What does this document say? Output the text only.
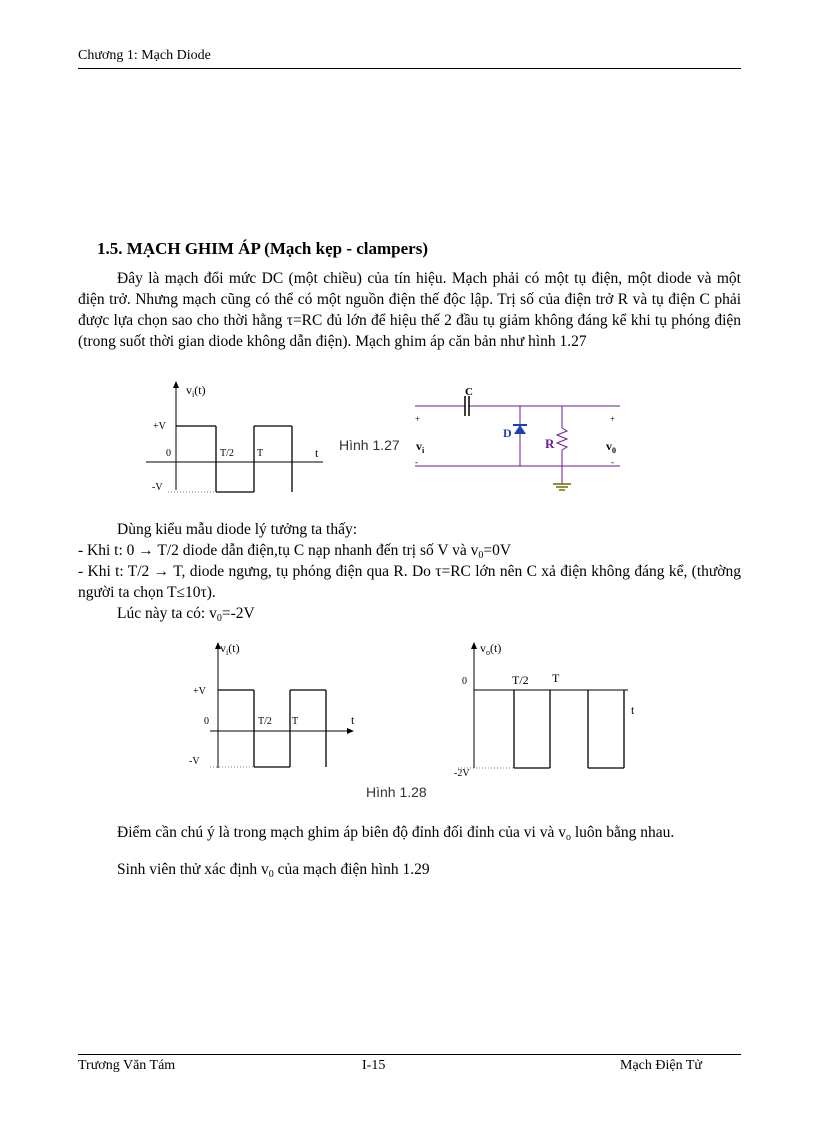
Chương 1: Mạch Diode
1.5. MẠCH GHIM ÁP (Mạch kẹp - clampers)
Đây là mạch đổi mức DC (một chiều) của tín hiệu. Mạch phải có một tụ điện, một diode và một điện trở. Nhưng mạch cũng có thể có một nguồn điện thế độc lập. Trị số của điện trở R và tụ điện C phải được lựa chọn sao cho thời hằng τ=RC đủ lớn để hiệu thế 2 đầu tụ giảm không đáng kể khi tụ phóng điện (trong suốt thời gian diode không dẫn điện). Mạch ghim áp căn bản như hình 1.27
$v_i(t)$
+V
0	T/2 T	t
-V
Hình 1.27
C
D
R
$v_i$	$v_0$
+
-
+
-
Dùng kiểu mẫu diode lý tưởng ta thấy:
- Khi t: 0 → T/2 diode dẫn điện,tụ C nạp nhanh đến trị số V và $v_0=0V$
- Khi t: T/2 → T, diode ngưng, tụ phóng điện qua R. Do τ=RC lớn nên C xả điện không đáng kể, (thường người ta chọn T≤10τ).
Lúc này ta có: $v_0=-2V$
$v_i(t)$
+V
0	T/2 T	t
-V
$v_o(t)$
0	T/2 T
t
-2V
Hình 1.28
Điểm cần chú ý là trong mạch ghim áp biên độ đỉnh đối đỉnh của vi và $v_o$ luôn bằng nhau.
Sinh viên thử xác định $v_0$ của mạch điện hình 1.29
Trương Văn Tám	I-15	Mạch Điện Tử
